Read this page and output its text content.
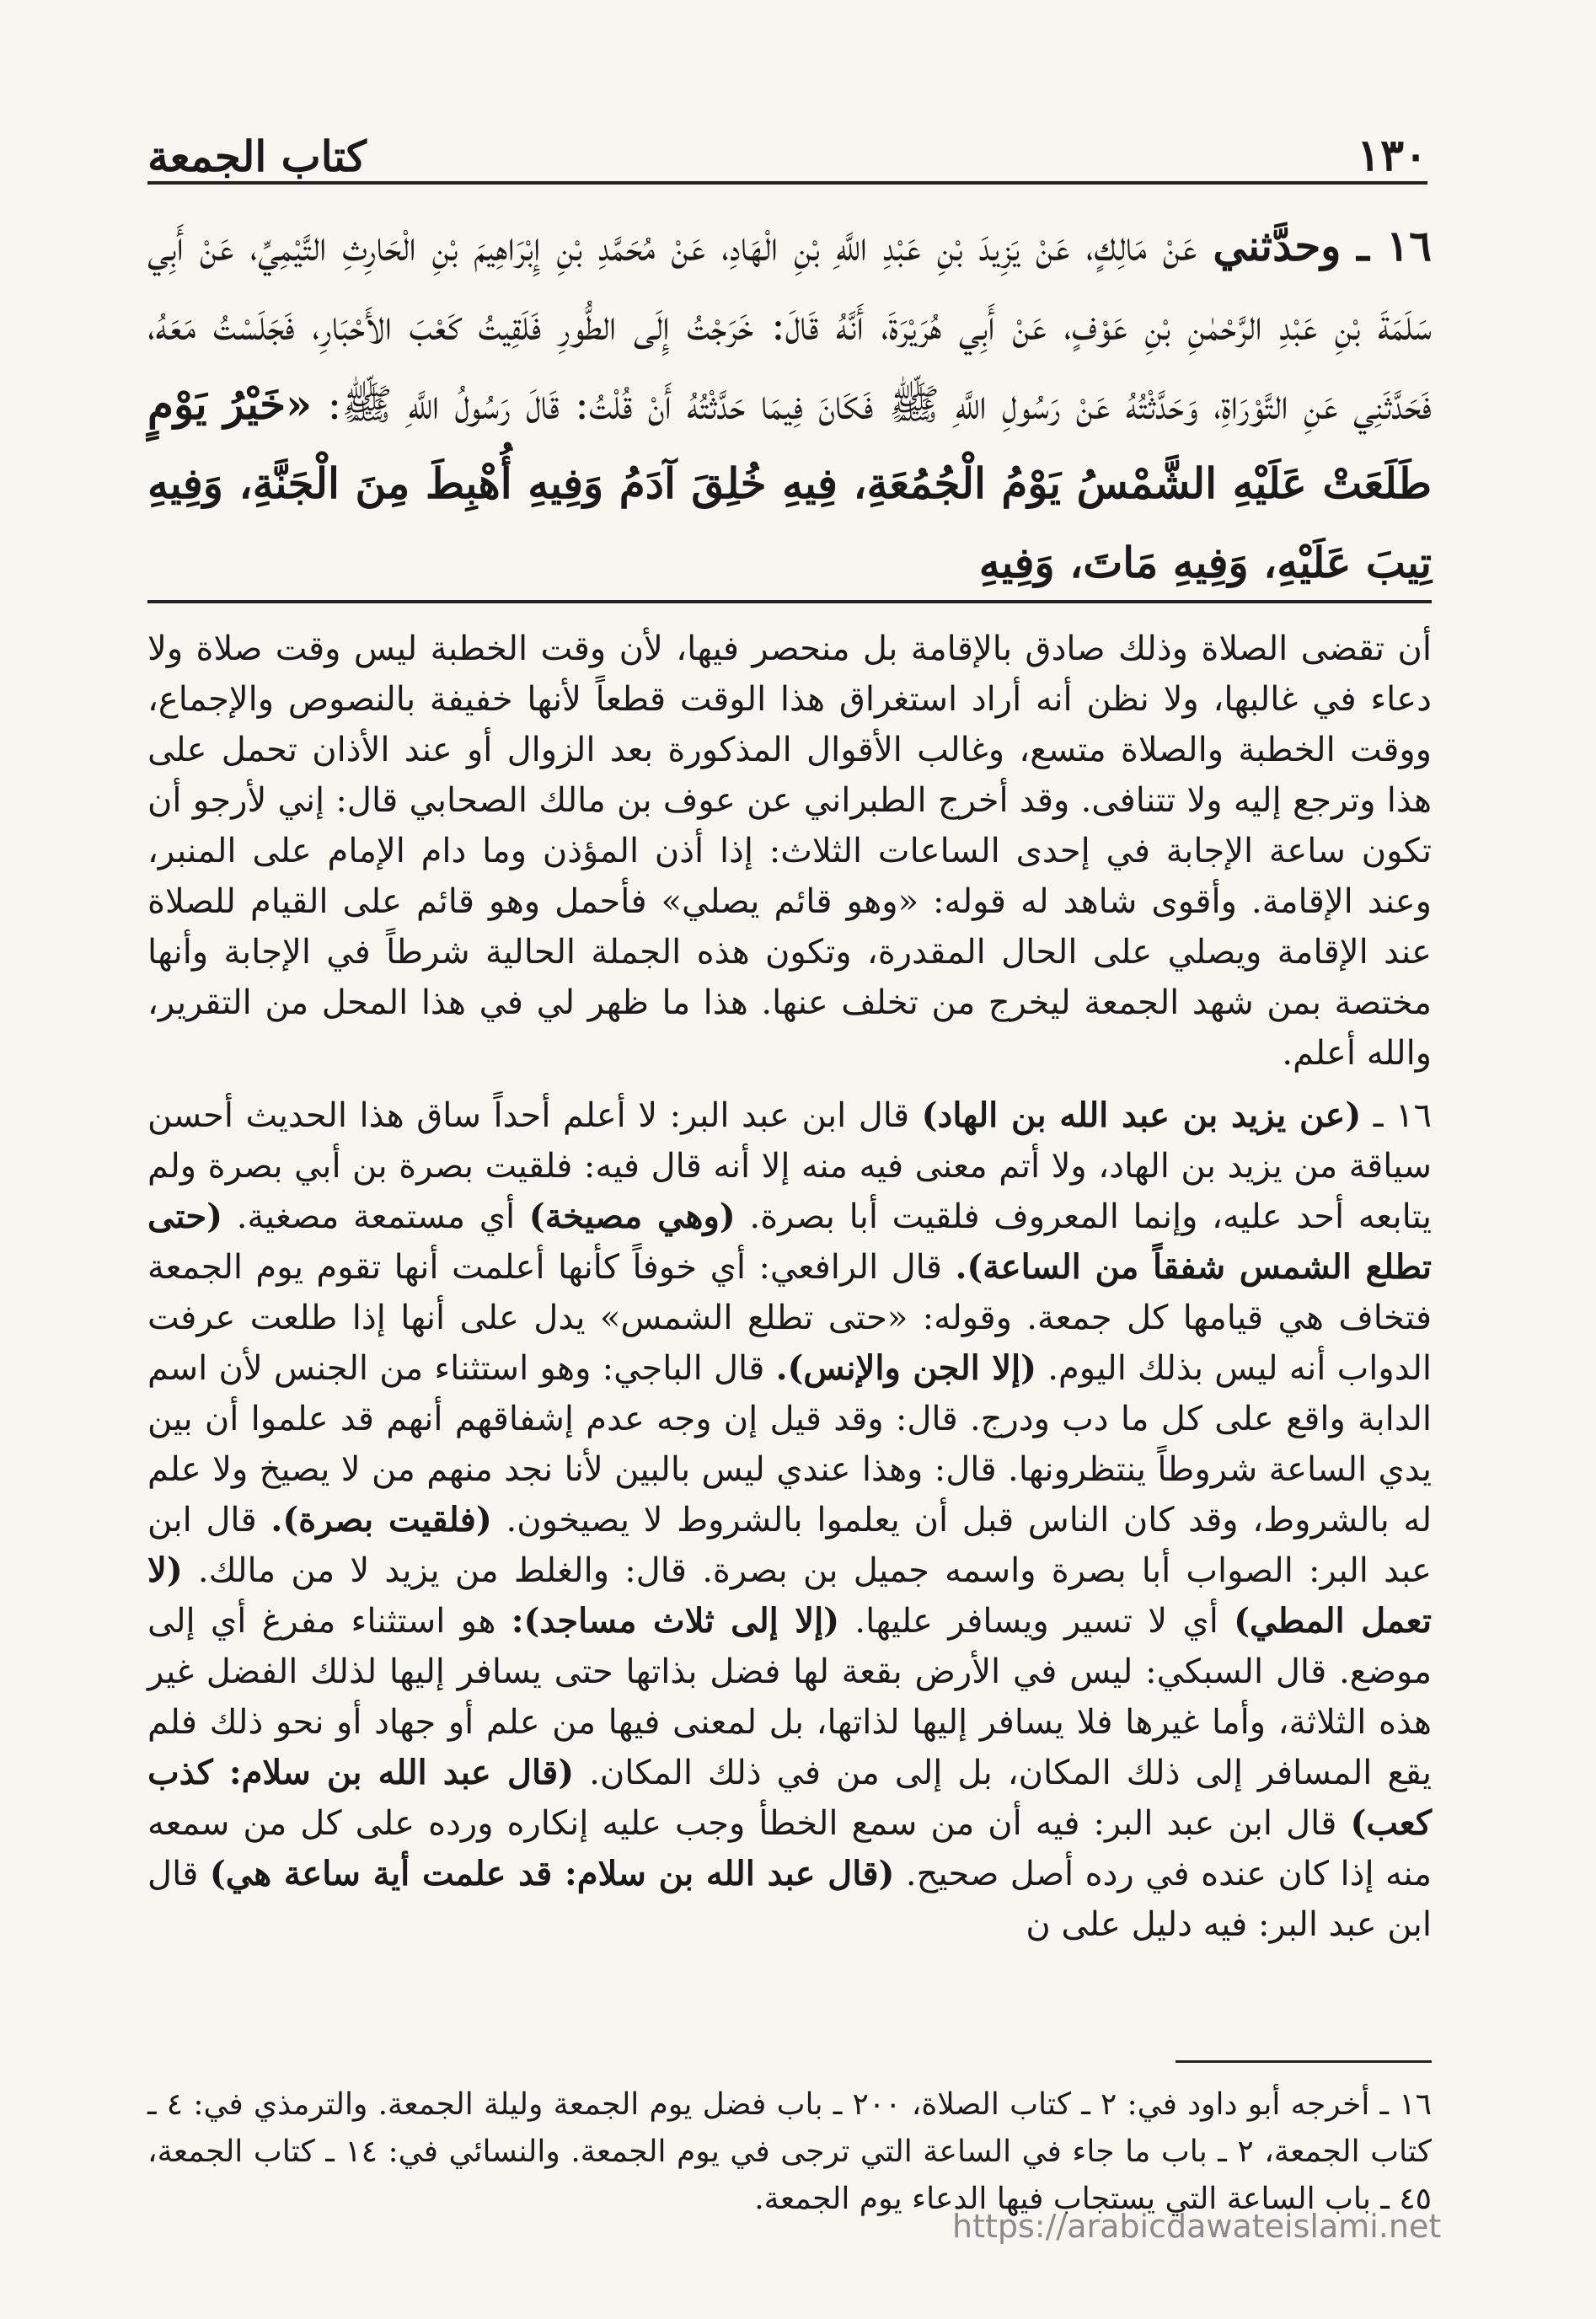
١٣٠
كتاب الجمعة
١٦ ـ وحدَّثني عَنْ مَالِكٍ، عَنْ يَزِيدَ بْنِ عَبْدِ اللَّهِ بْنِ الْهَادِ، عَنْ مُحَمَّدِ بْنِ إِبْرَاهِيمَ بْنِ الْحَارِثِ التَّيْمِيِّ، عَنْ أَبِي سَلَمَةَ بْنِ عَبْدِ الرَّحْمٰنِ بْنِ عَوْفٍ، عَنْ أَبِي هُرَيْرَةَ، أَنَّهُ قَالَ: خَرَجْتُ إِلَى الطُّورِ فَلَقِيتُ كَعْبَ الأَحْبَارِ، فَجَلَسْتُ مَعَهُ، فَحَدَّثَنِي عَنِ التَّوْرَاةِ، وَحَدَّثْتُهُ عَنْ رَسُولِ اللَّهِ ﷺ فَكَانَ فِيمَا حَدَّثْتُهُ أَنْ قُلْتُ: قَالَ رَسُولُ اللَّهِ ﷺ: «خَيْرُ يَوْمٍ طَلَعَتْ عَلَيْهِ الشَّمْسُ يَوْمُ الْجُمُعَةِ، فِيهِ خُلِقَ آدَمُ وَفِيهِ أُهْبِطَ مِنَ الْجَنَّةِ، وَفِيهِ تِيبَ عَلَيْهِ، وَفِيهِ مَاتَ، وَفِيهِ

أن تقضى الصلاة وذلك صادق بالإقامة بل منحصر فيها، لأن وقت الخطبة ليس وقت صلاة ولا دعاء في غالبها، ولا نظن أنه أراد استغراق هذا الوقت قطعاً لأنها خفيفة بالنصوص والإجماع، ووقت الخطبة والصلاة متسع، وغالب الأقوال المذكورة بعد الزوال أو عند الأذان تحمل على هذا وترجع إليه ولا تتنافى. وقد أخرج الطبراني عن عوف بن مالك الصحابي قال: إني لأرجو أن تكون ساعة الإجابة في إحدى الساعات الثلاث: إذا أذن المؤذن وما دام الإمام على المنبر، وعند الإقامة. وأقوى شاهد له قوله: «وهو قائم يصلي» فأحمل وهو قائم على القيام للصلاة عند الإقامة ويصلي على الحال المقدرة، وتكون هذه الجملة الحالية شرطاً في الإجابة وأنها مختصة بمن شهد الجمعة ليخرج من تخلف عنها. هذا ما ظهر لي في هذا المحل من التقرير، والله أعلم.

١٦ ـ (عن يزيد بن عبد الله بن الهاد) قال ابن عبد البر: لا أعلم أحداً ساق هذا الحديث أحسن سياقة من يزيد بن الهاد، ولا أتم معنى فيه منه إلا أنه قال فيه: فلقيت بصرة بن أبي بصرة ولم يتابعه أحد عليه، وإنما المعروف فلقيت أبا بصرة. (وهي مصيخة) أي مستمعة مصغية. (حتى تطلع الشمس شفقاً من الساعة). قال الرافعي: أي خوفاً كأنها أعلمت أنها تقوم يوم الجمعة فتخاف هي قيامها كل جمعة. وقوله: «حتى تطلع الشمس» يدل على أنها إذا طلعت عرفت الدواب أنه ليس بذلك اليوم. (إلا الجن والإنس). قال الباجي: وهو استثناء من الجنس لأن اسم الدابة واقع على كل ما دب ودرج. قال: وقد قيل إن وجه عدم إشفاقهم أنهم قد علموا أن بين يدي الساعة شروطاً ينتظرونها. قال: وهذا عندي ليس بالبين لأنا نجد منهم من لا يصيخ ولا علم له بالشروط، وقد كان الناس قبل أن يعلموا بالشروط لا يصيخون. (فلقيت بصرة). قال ابن عبد البر: الصواب أبا بصرة واسمه جميل بن بصرة. قال: والغلط من يزيد لا من مالك. (لا تعمل المطي) أي لا تسير ويسافر عليها. (إلا إلى ثلاث مساجد): هو استثناء مفرغ أي إلى موضع. قال السبكي: ليس في الأرض بقعة لها فضل بذاتها حتى يسافر إليها لذلك الفضل غير هذه الثلاثة، وأما غيرها فلا يسافر إليها لذاتها، بل لمعنى فيها من علم أو جهاد أو نحو ذلك فلم يقع المسافر إلى ذلك المكان، بل إلى من في ذلك المكان. (قال عبد الله بن سلام: كذب كعب) قال ابن عبد البر: فيه أن من سمع الخطأ وجب عليه إنكاره ورده على كل من سمعه منه إذا كان عنده في رده أصل صحيح. (قال عبد الله بن سلام: قد علمت أية ساعة هي) قال ابن عبد البر: فيه دليل على ن

١٦ ـ أخرجه أبو داود في: ٢ ـ كتاب الصلاة، ٢٠٠ ـ باب فضل يوم الجمعة وليلة الجمعة. والترمذي في: ٤ ـ كتاب الجمعة، ٢ ـ باب ما جاء في الساعة التي ترجى في يوم الجمعة. والنسائي في: ١٤ ـ كتاب الجمعة، ٤٥ ـ باب الساعة التي يستجاب فيها الدعاء يوم الجمعة.

https://arabicdawateislami.net
